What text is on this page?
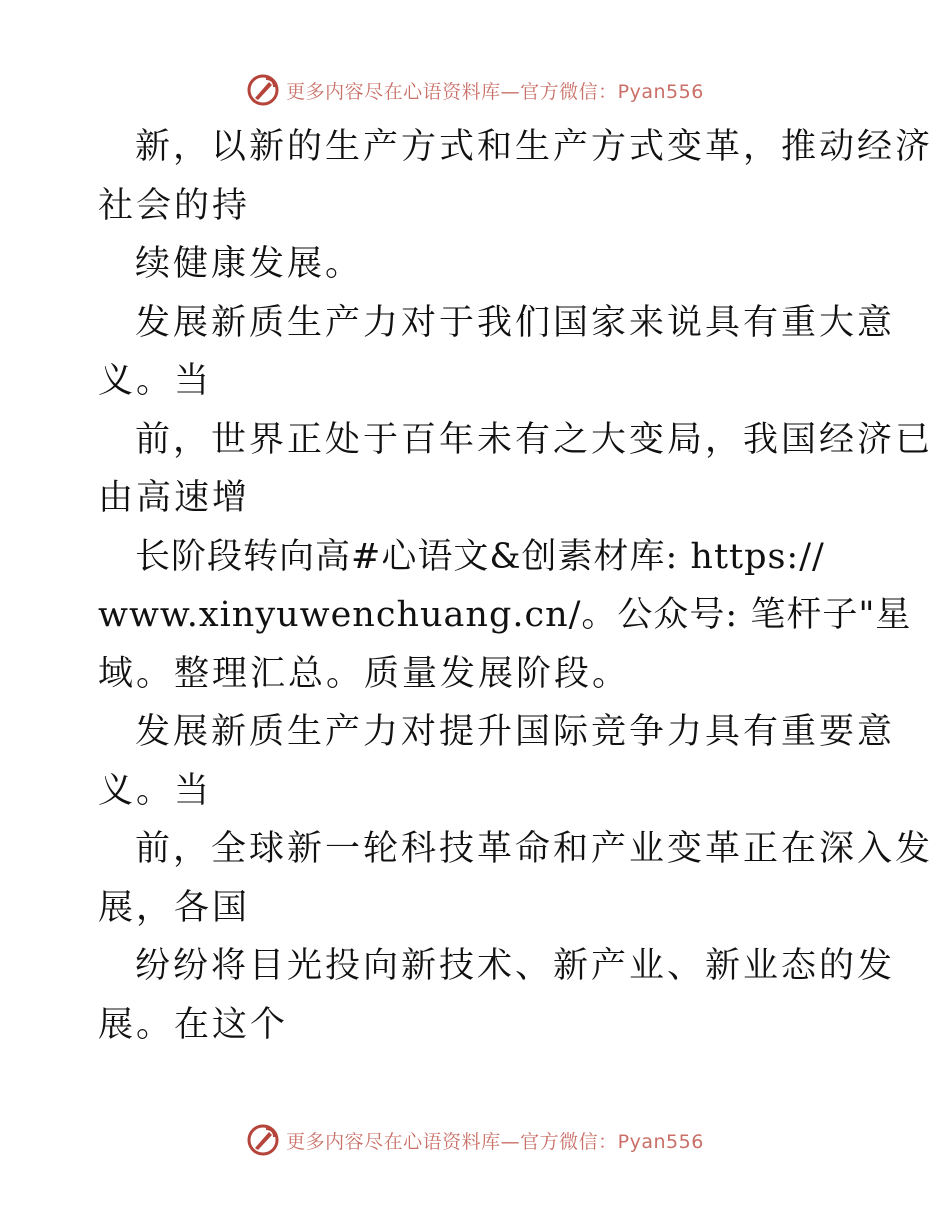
更多内容尽在心语资料库—官方微信：Pyan556
新，以新的生产方式和生产方式变革，推动经济
社会的持
续健康发展。
发展新质生产力对于我们国家来说具有重大意
义。当
前，世界正处于百年未有之大变局，我国经济已
由高速增
长阶段转向高#心语文&创素材库: https://
www.xinyuwenchuang.cn/。公众号: 笔杆子"星
域。整理汇总。质量发展阶段。
发展新质生产力对提升国际竞争力具有重要意
义。当
前，全球新一轮科技革命和产业变革正在深入发
展，各国
纷纷将目光投向新技术、新产业、新业态的发
展。在这个
更多内容尽在心语资料库—官方微信：Pyan556
